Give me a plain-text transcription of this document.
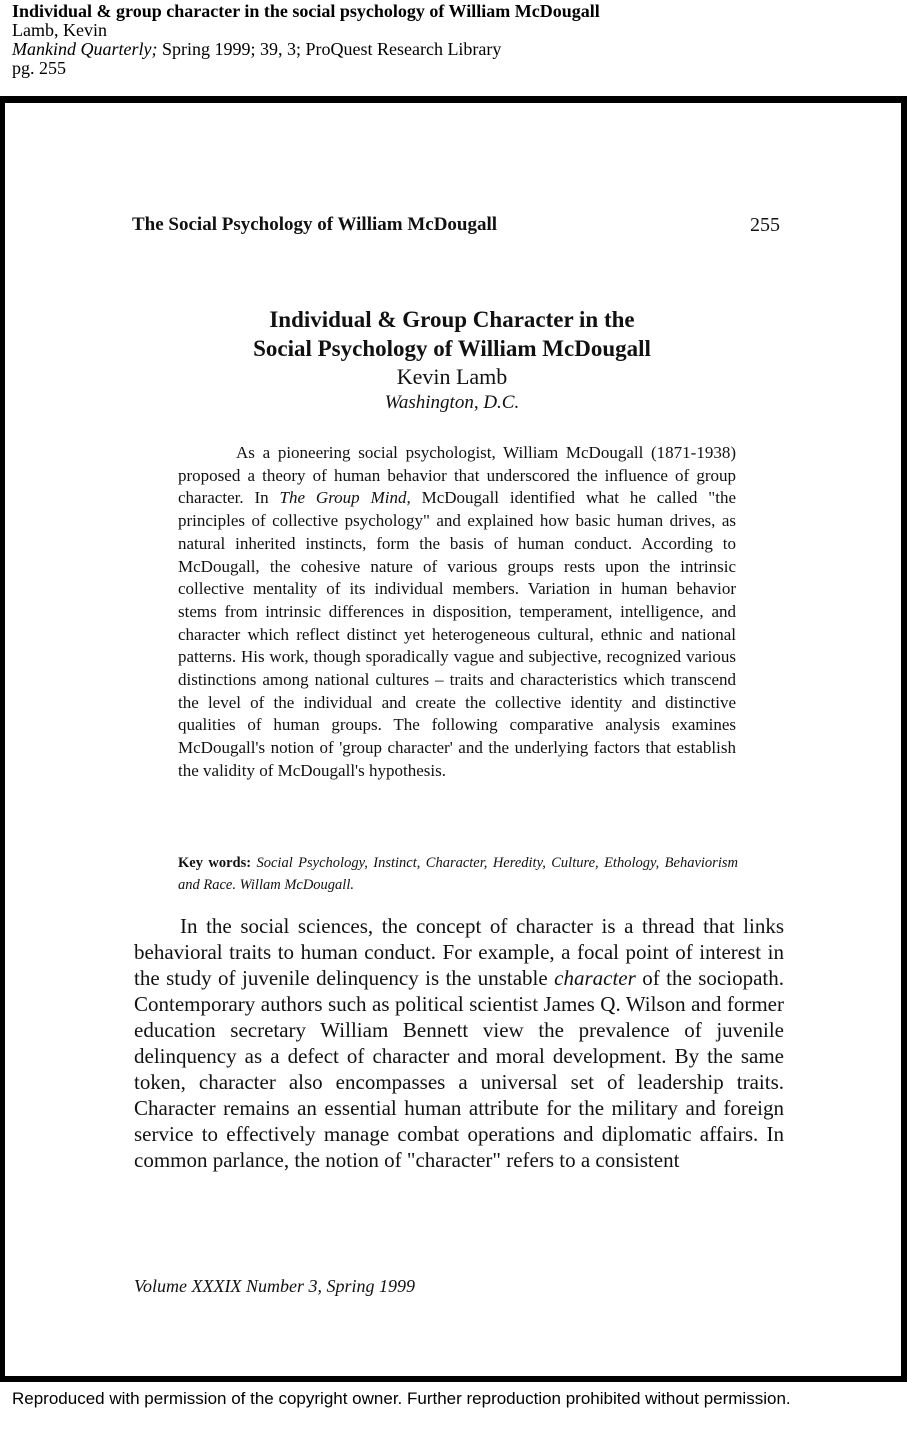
Individual & group character in the social psychology of William McDougall
Lamb, Kevin
Mankind Quarterly; Spring 1999; 39, 3; ProQuest Research Library
pg. 255
The Social Psychology of William McDougall	255
Individual & Group Character in the
Social Psychology of William McDougall
Kevin Lamb
Washington, D.C.

As a pioneering social psychologist, William McDougall (1871-1938) proposed a theory of human behavior that underscored the influence of group character. In The Group Mind, McDougall identified what he called "the principles of collective psychology" and explained how basic human drives, as natural inherited instincts, form the basis of human conduct. According to McDougall, the cohesive nature of various groups rests upon the intrinsic collective mentality of its individual members. Variation in human behavior stems from intrinsic differences in disposition, temperament, intelligence, and character which reflect distinct yet heterogeneous cultural, ethnic and national patterns. His work, though sporadically vague and subjective, recognized various distinctions among national cultures – traits and characteristics which transcend the level of the individual and create the collective identity and distinctive qualities of human groups. The following comparative analysis examines McDougall's notion of 'group character' and the underlying factors that establish the validity of McDougall's hypothesis.

Key words: Social Psychology, Instinct, Character, Heredity, Culture, Ethology, Behaviorism and Race. Willam McDougall.

In the social sciences, the concept of character is a thread that links behavioral traits to human conduct. For example, a focal point of interest in the study of juvenile delinquency is the unstable character of the sociopath. Contemporary authors such as political scientist James Q. Wilson and former education secretary William Bennett view the prevalence of juvenile delinquency as a defect of character and moral development. By the same token, character also encompasses a universal set of leadership traits. Character remains an essential human attribute for the military and foreign service to effectively manage combat operations and diplomatic affairs. In common parlance, the notion of "character" refers to a consistent

Volume XXXIX Number 3, Spring 1999
Reproduced with permission of the copyright owner. Further reproduction prohibited without permission.
